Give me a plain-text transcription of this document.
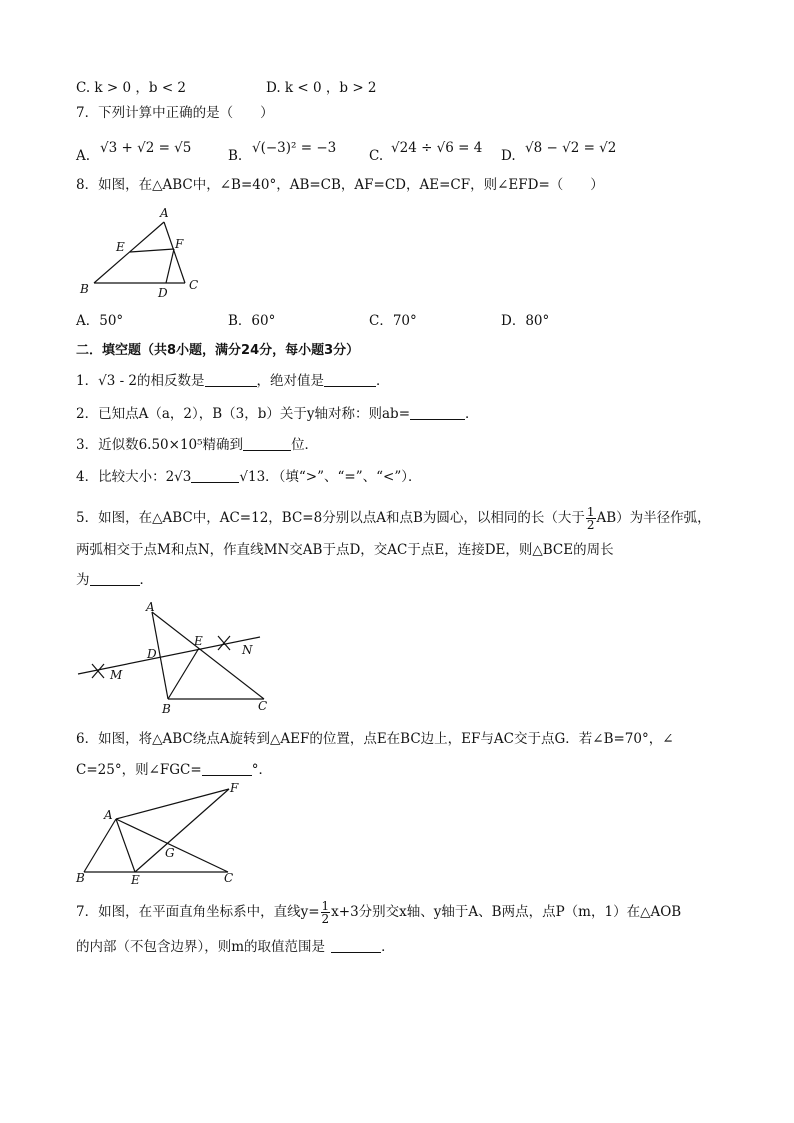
C. k > 0 ，b < 2	D. k < 0 ，b > 2
7．下列计算中正确的是（　　）
A. √3 + √2 = √5	B. √(−3)² = −3 C. √24 ÷ √6 = 4 D. √8 − √2 = √2
8．如图，在△ABC中，∠B=40°，AB=CB，AF=CD，AE=CF，则∠EFD=（　　）
A
E	F
B	D
C
A．50°	B．60°	C．70°	D．80°
二．填空题（共8小题，满分24分，每小题3分）
1．√3 - 2的相反数是	，绝对值是	．
2．已知点A（a，2），B（3，b）关于y轴对称：则ab=	．
3．近似数6.50×10⁵精确到	位．
4．比较大小：2√3	√13．（填“>”、“=”、“<”）．
5．如图，在△ABC中，AC=12，BC=8分别以点A和点B为圆心，以相同的长（大于 $\frac{1}{2} AB$）为半径作弧，
两弧相交于点M和点N，作直线MN交AB于点D，交AC于点E，连接DE，则△BCE的周长
为	．
A
E
N
D
M
B	C
6．如图，将△ABC绕点A旋转到△AEF的位置，点E在BC边上，EF与AC交于点G．若∠B=70°，∠
C=25°，则∠FGC=	°．
F
A
G
B	E	C
7．如图，在平面直角坐标系中，直线$y= \frac{1}{2} x+3$分别交x轴、y轴于A、B两点，点P（m，1）在△AOB
的内部（不包含边界），则m的取值范围是	．
